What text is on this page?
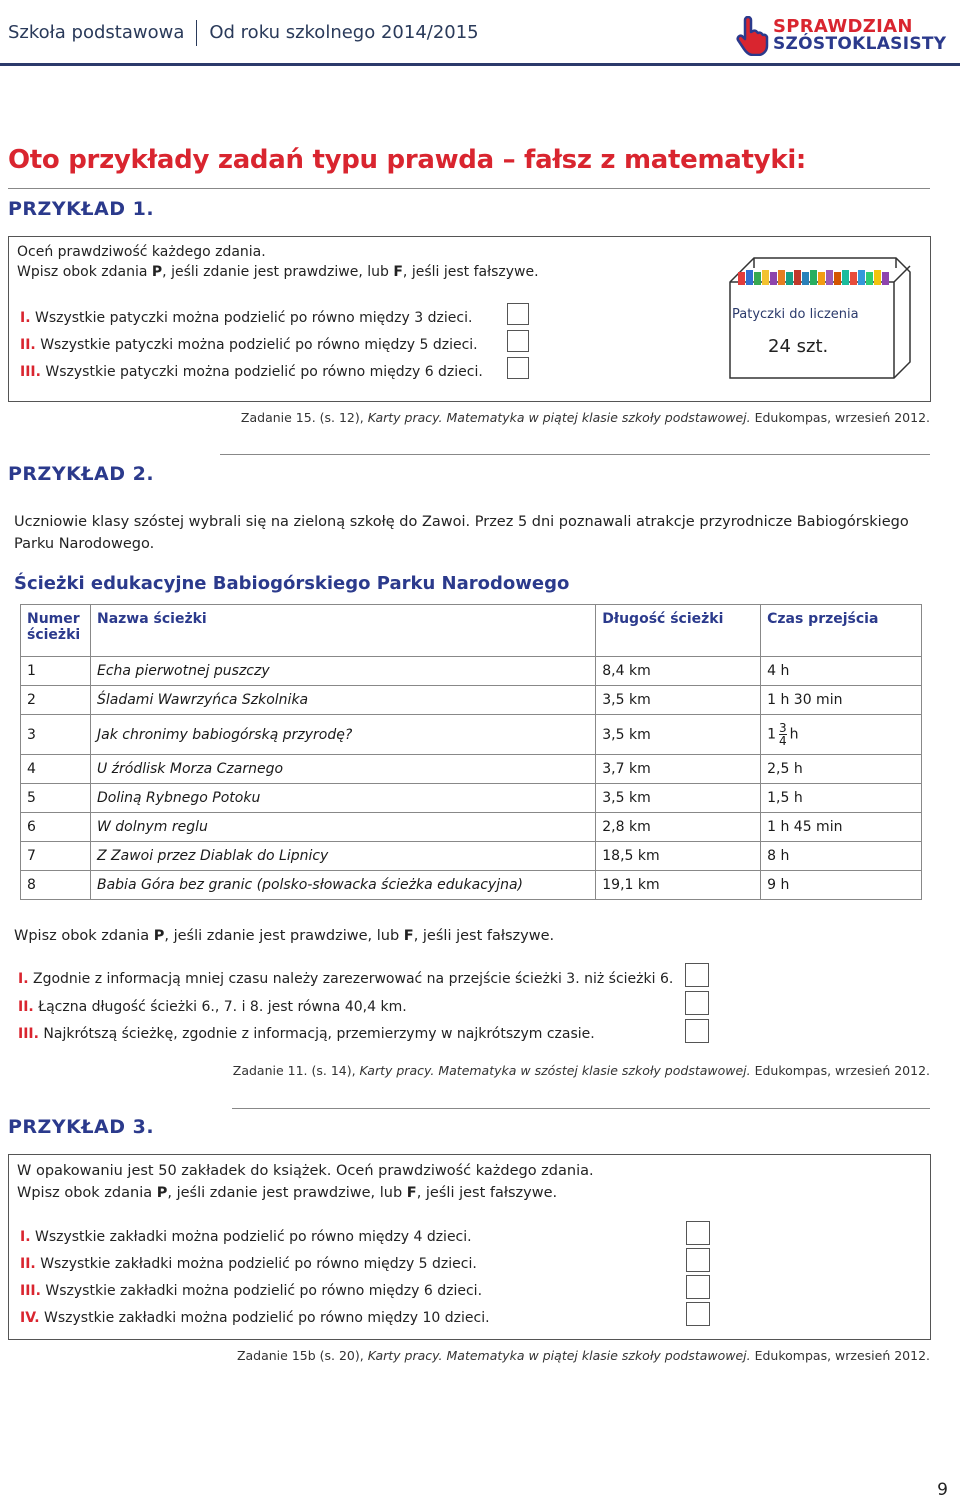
Szkoła podstawowa Od roku szkolnego 2014/2015	SPRAWDZIAN
SZÓSTOKLASISTY
Oto przykłady zadań typu prawda – fałsz z matematyki:
PRZYKŁAD 1.
Oceń prawdziwość każdego zdania.
Wpisz obok zdania P, jeśli zdanie jest prawdziwe, lub F, jeśli jest fałszywe.
I. Wszystkie patyczki można podzielić po równo między 3 dzieci.
II. Wszystkie patyczki można podzielić po równo między 5 dzieci.
III. Wszystkie patyczki można podzielić po równo między 6 dzieci.
Patyczki do liczenia
24 szt.
Zadanie 15. (s. 12), Karty pracy. Matematyka w piątej klasie szkoły podstawowej. Edukompas, wrzesień 2012.
PRZYKŁAD 2.
Uczniowie klasy szóstej wybrali się na zieloną szkołę do Zawoi. Przez 5 dni poznawali atrakcje przyrodnicze Babiogórskiego Parku Narodowego.
Ścieżki edukacyjne Babiogórskiego Parku Narodowego
Numer ścieżki	Nazwa ścieżki	Długość ścieżki	Czas przejścia
1	Echa pierwotnej puszczy	8,4 km	4 h
2	Śladami Wawrzyńca Szkolnika	3,5 km	1 h 30 min
3	Jak chronimy babiogórską przyrodę?	3,5 km	$1 \frac{3}{4}$ h
4	U źródlisk Morza Czarnego	3,7 km	2,5 h
5	Doliną Rybnego Potoku	3,5 km	1,5 h
6	W dolnym reglu	2,8 km	1 h 45 min
7	Z Zawoi przez Diablak do Lipnicy	18,5 km	8 h
8	Babia Góra bez granic (polsko-słowacka ścieżka edukacyjna)	19,1 km	9 h
Wpisz obok zdania P, jeśli zdanie jest prawdziwe, lub F, jeśli jest fałszywe.
I. Zgodnie z informacją mniej czasu należy zarezerwować na przejście ścieżki 3. niż ścieżki 6.
II. Łączna długość ścieżki 6., 7. i 8. jest równa 40,4 km.
III. Najkrótszą ścieżkę, zgodnie z informacją, przemierzymy w najkrótszym czasie.
Zadanie 11. (s. 14), Karty pracy. Matematyka w szóstej klasie szkoły podstawowej. Edukompas, wrzesień 2012.
PRZYKŁAD 3.
W opakowaniu jest 50 zakładek do książek. Oceń prawdziwość każdego zdania.
Wpisz obok zdania P, jeśli zdanie jest prawdziwe, lub F, jeśli jest fałszywe.
I. Wszystkie zakładki można podzielić po równo między 4 dzieci.
II. Wszystkie zakładki można podzielić po równo między 5 dzieci.
III. Wszystkie zakładki można podzielić po równo między 6 dzieci.
IV. Wszystkie zakładki można podzielić po równo między 10 dzieci.
Zadanie 15b (s. 20), Karty pracy. Matematyka w piątej klasie szkoły podstawowej. Edukompas, wrzesień 2012.
9
